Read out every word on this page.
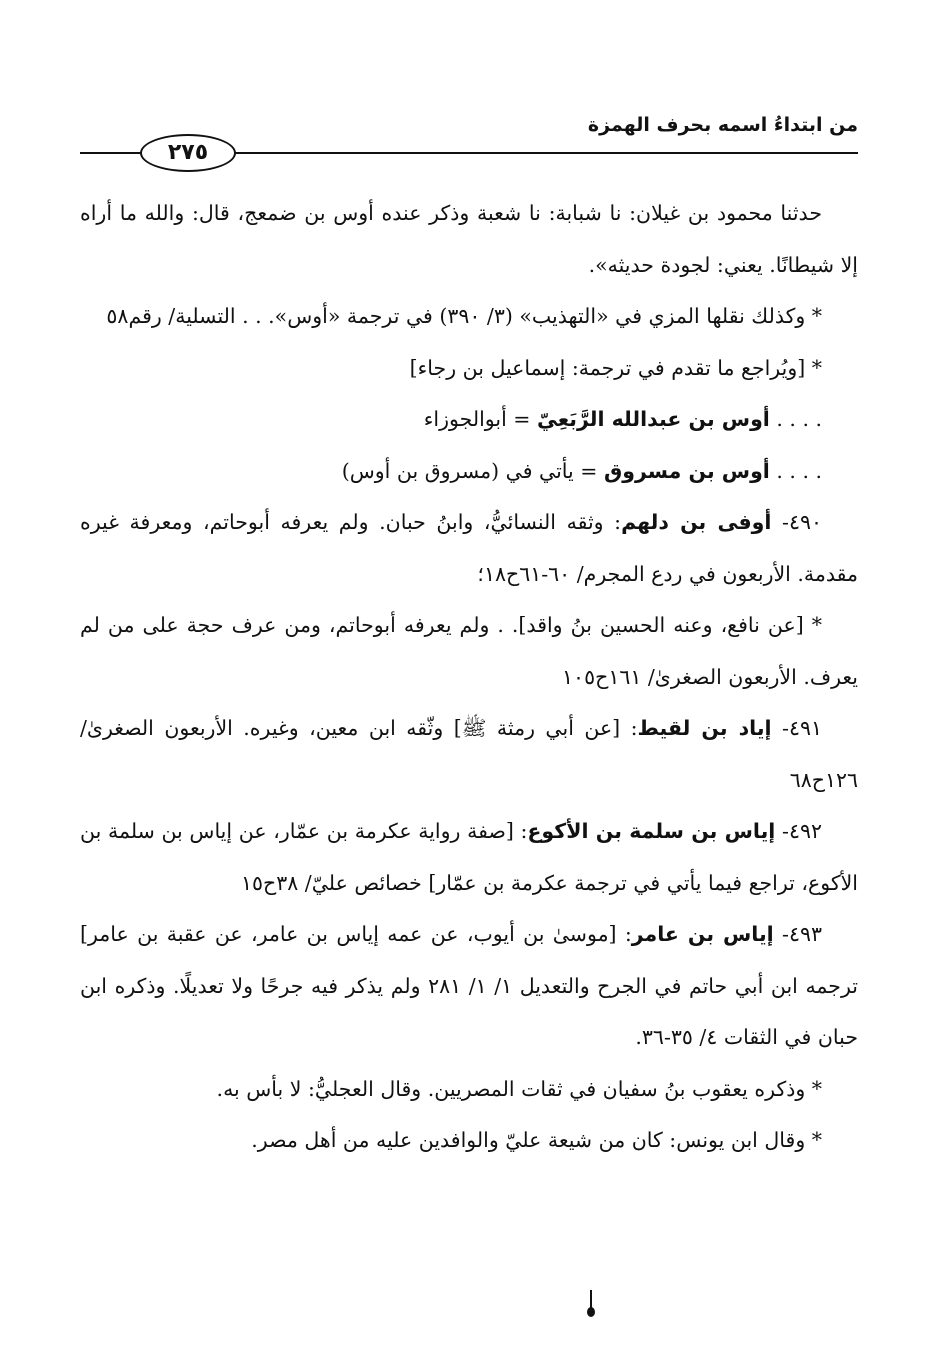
من ابتداءُ اسمه بحرف الهمزة
٢٧٥

حدثنا محمود بن غيلان: نا شبابة: نا شعبة وذكر عنده أوس بن ضمعج، قال: والله ما أراه إلا شيطانًا. يعني: لجودة حديثه».

* وكذلك نقلها المزي في «التهذيب» (٣/ ٣٩٠) في ترجمة «أوس». . . التسلية/ رقم٥٨

* [ويُراجع ما تقدم في ترجمة: إسماعيل بن رجاء]

. . . . أوس بن عبدالله الرَّبَعِيّ = أبوالجوزاء

. . . . أوس بن مسروق = يأتي في (مسروق بن أوس)

٤٩٠- أوفى بن دلهم: وثقه النسائيُّ، وابنُ حبان. ولم يعرفه أبوحاتم، ومعرفة غيره مقدمة. الأربعون في ردع المجرم/ ٦٠-٦١ح١٨؛

* [عن نافع، وعنه الحسين بنُ واقد]. . ولم يعرفه أبوحاتم، ومن عرف حجة على من لم يعرف. الأربعون الصغرىٰ/ ١٦١ح١٠٥

٤٩١- إياد بن لقيط: [عن أبي رمثة ﷺ] وثّقه ابن معين، وغيره. الأربعون الصغرىٰ/ ١٢٦ح٦٨

٤٩٢- إياس بن سلمة بن الأكوع: [صفة رواية عكرمة بن عمّار، عن إياس بن سلمة بن الأكوع، تراجع فيما يأتي في ترجمة عكرمة بن عمّار] خصائص عليّ/ ٣٨ح١٥

٤٩٣- إياس بن عامر: [موسىٰ بن أيوب، عن عمه إياس بن عامر، عن عقبة بن عامر] ترجمه ابن أبي حاتم في الجرح والتعديل ١/ ١/ ٢٨١ ولم يذكر فيه جرحًا ولا تعديلًا. وذكره ابن حبان في الثقات ٤/ ٣٥-٣٦.

* وذكره يعقوب بنُ سفيان في ثقات المصريين. وقال العجليُّ: لا بأس به.

* وقال ابن يونس: كان من شيعة عليّ والوافدين عليه من أهل مصر.
